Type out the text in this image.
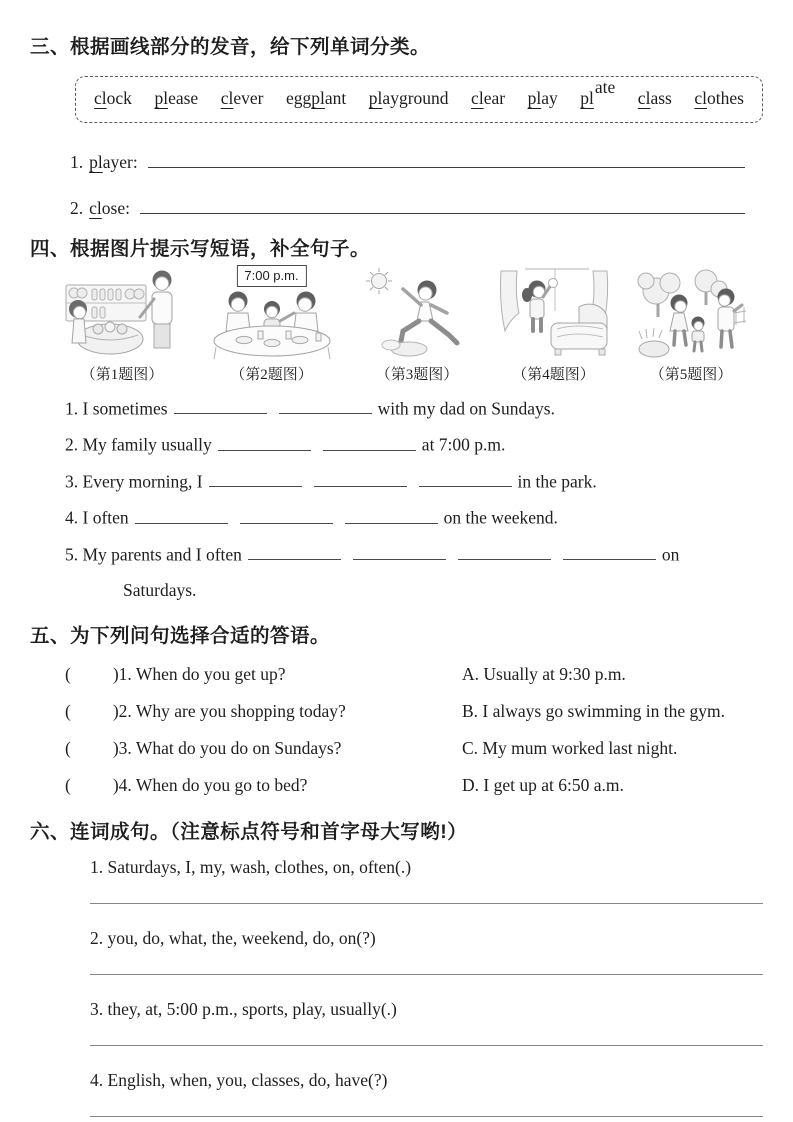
三、根据画线部分的发音，给下列单词分类。
clock please clever eggplant playground clear play plate
class clothes
1. player:
2. close:
四、根据图片提示写短语，补全句子。
（第1题图）
7:00 p.m.
（第2题图）	（第3题图）	（第4题图）	（第5题图）
1. I sometimes	with my dad on Sundays.
2. My family usually	at 7:00 p.m.
3. Every morning, I	in the park.
4. I often	on the weekend.
5. My parents and I often	on
Saturdays.
五、为下列问句选择合适的答语。
( ) 1. When do you get up?	A. Usually at 9:30 p.m.
( ) 2. Why are you shopping today?	B. I always go swimming in the gym.
( ) 3. What do you do on Sundays?	C. My mum worked last night.
( ) 4. When do you go to bed?	D. I get up at 6:50 a.m.
六、连词成句。（注意标点符号和首字母大写哟!）
1. Saturdays, I, my, wash, clothes, on, often(.)
2. you, do, what, the, weekend, do, on(?)
3. they, at, 5:00 p.m., sports, play, usually(.)
4. English, when, you, classes, do, have(?)
